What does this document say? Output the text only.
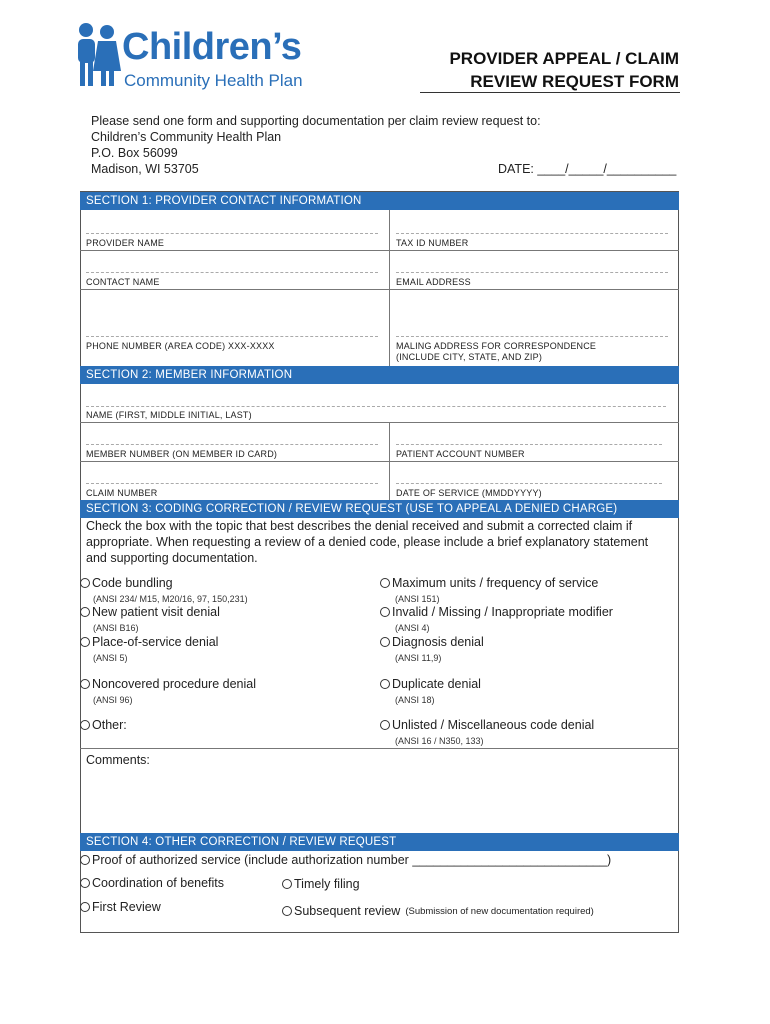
Children’s
Community Health Plan
PROVIDER APPEAL / CLAIM
REVIEW REQUEST FORM
Please send one form and supporting documentation per claim review request to:
Children’s Community Health Plan
P.O. Box 56099
Madison, WI 53705	DATE: ____/_____/__________
SECTION 1: PROVIDER CONTACT INFORMATION
PROVIDER NAME	TAX ID NUMBER
CONTACT NAME	EMAIL ADDRESS
PHONE NUMBER (AREA CODE) XXX-XXXX	MALING ADDRESS FOR CORRESPONDENCE
(INCLUDE CITY, STATE, AND ZIP)
SECTION 2: MEMBER INFORMATION
NAME (FIRST, MIDDLE INITIAL, LAST)
MEMBER NUMBER (ON MEMBER ID CARD)	PATIENT ACCOUNT NUMBER
CLAIM NUMBER	DATE OF SERVICE (MMDDYYYY)
SECTION 3: CODING CORRECTION / REVIEW REQUEST (USE TO APPEAL A DENIED CHARGE)
Check the box with the topic that best describes the denial received and submit a corrected claim if appropriate. When requesting a review of a denied code, please include a brief explanatory statement and supporting documentation.
Code bundling
(ANSI 234/ M15, M20/16, 97, 150,231)
New patient visit denial
(ANSI B16)
Place-of-service denial
(ANSI 5)
Noncovered procedure denial
(ANSI 96)
Other:
Maximum units / frequency of service
(ANSI 151)
Invalid / Missing / Inappropriate modifier
(ANSI 4)
Diagnosis denial
(ANSI 11,9)
Duplicate denial
(ANSI 18)
Unlisted / Miscellaneous code denial
(ANSI 16 / N350, 133)
Comments:
SECTION 4: OTHER CORRECTION / REVIEW REQUEST
Proof of authorized service (include authorization number ____________________________)
Coordination of benefits	Timely filing
First Review	Subsequent review (Submission of new documentation required)
